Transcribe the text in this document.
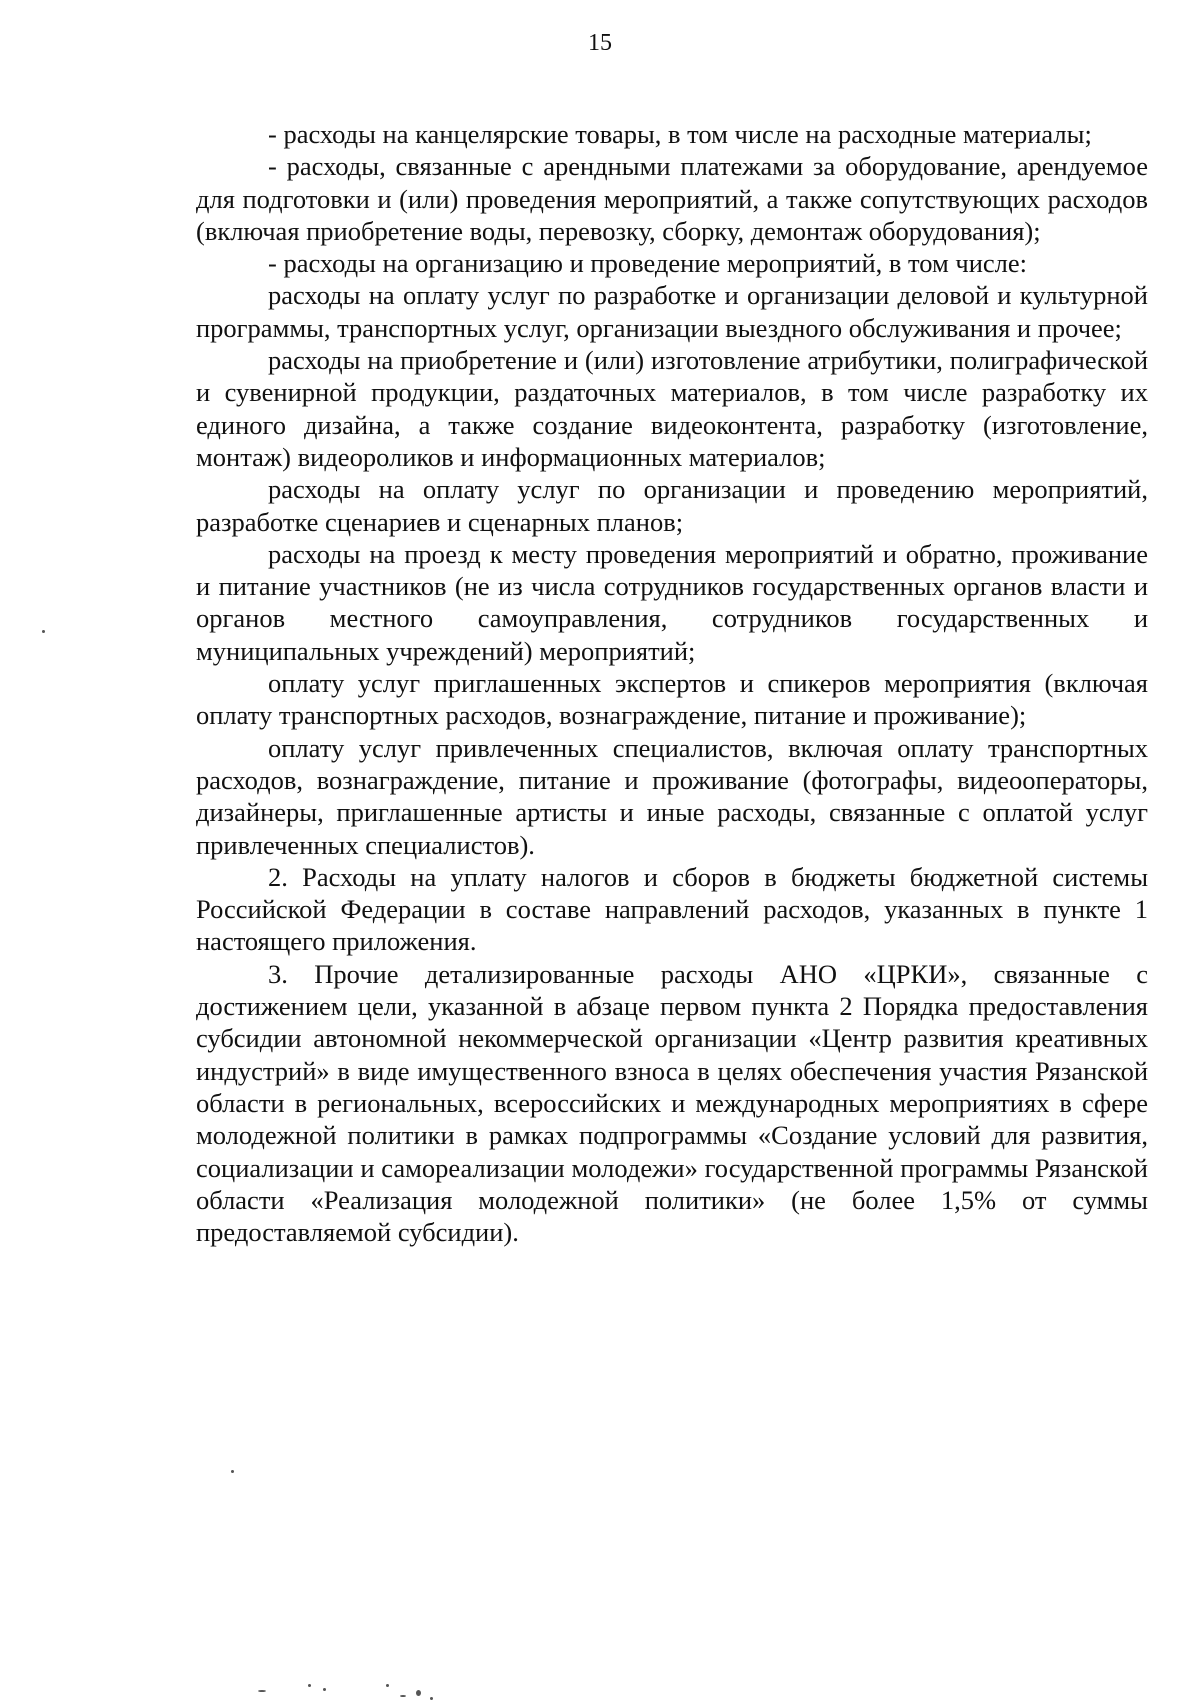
15

- расходы на канцелярские товары, в том числе на расходные материалы;

- расходы, связанные с арендными платежами за оборудование, арендуемое для подготовки и (или) проведения мероприятий, а также сопутствующих расходов (включая приобретение воды, перевозку, сборку, демонтаж оборудования);

- расходы на организацию и проведение мероприятий, в том числе:

расходы на оплату услуг по разработке и организации деловой и культурной программы, транспортных услуг, организации выездного обслуживания и прочее;

расходы на приобретение и (или) изготовление атрибутики, полиграфической и сувенирной продукции, раздаточных материалов, в том числе разработку их единого дизайна, а также создание видеоконтента, разработку (изготовление, монтаж) видеороликов и информационных материалов;

расходы на оплату услуг по организации и проведению мероприятий, разработке сценариев и сценарных планов;

расходы на проезд к месту проведения мероприятий и обратно, проживание и питание участников (не из числа сотрудников государственных органов власти и органов местного самоуправления, сотрудников государственных и муниципальных учреждений) мероприятий;

оплату услуг приглашенных экспертов и спикеров мероприятия (включая оплату транспортных расходов, вознаграждение, питание и проживание);

оплату услуг привлеченных специалистов, включая оплату транспортных расходов, вознаграждение, питание и проживание (фотографы, видеооператоры, дизайнеры, приглашенные артисты и иные расходы, связанные с оплатой услуг привлеченных специалистов).

2. Расходы на уплату налогов и сборов в бюджеты бюджетной системы Российской Федерации в составе направлений расходов, указанных в пункте 1 настоящего приложения.

3. Прочие детализированные расходы АНО «ЦРКИ», связанные с достижением цели, указанной в абзаце первом пункта 2 Порядка предоставления субсидии автономной некоммерческой организации «Центр развития креативных индустрий» в виде имущественного взноса в целях обеспечения участия Рязанской области в региональных, всероссийских и международных мероприятиях в сфере молодежной политики в рамках подпрограммы «Создание условий для развития, социализации и самореализации молодежи» государственной программы Рязанской области «Реализация молодежной политики» (не более 1,5% от суммы предоставляемой субсидии).
